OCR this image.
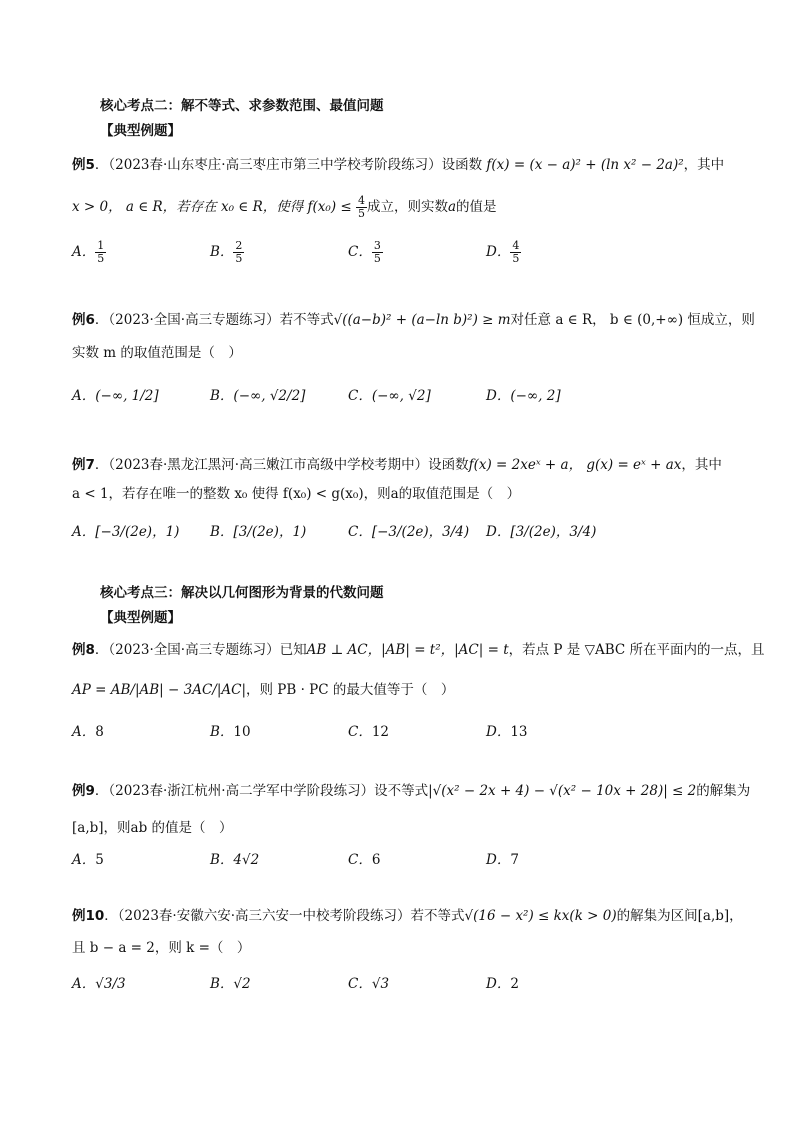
核心考点二：解不等式、求参数范围、最值问题
【典型例题】
例5．（2023春·山东枣庄·高三枣庄市第三中学校考阶段练习）设函数 f(x) = (x − a)² + (ln x² − 2a)²，其中
x > 0， a ∈ R，若存在 x₀ ∈ R，使得 $f(x_0) \le \frac{4}{5}$ 成立，则实数a的值是
A． $\frac{1}{5}$	B． $\frac{2}{5}$	C． $\frac{3}{5}$	D． $\frac{4}{5}$
例6．（2023·全国·高三专题练习）若不等式√((a−b)² + (a−ln b)²) ≥ m对任意 a ∈ R， b ∈ (0,+∞) 恒成立，则
实数 m 的取值范围是（　）
A．(−∞, 1/2]	B．(−∞, √2/2]	C．(−∞, √2]	D．(−∞, 2]
例7．（2023春·黑龙江黑河·高三嫩江市高级中学校考期中）设函数f(x) = 2xeˣ + a， g(x) = eˣ + ax，其中
a < 1，若存在唯一的整数 x₀ 使得 f(x₀) < g(x₀)，则a的取值范围是（　）
A．[−3/(2e)，1) B．[3/(2e)，1)	C．[−3/(2e)，3/4) D．[3/(2e)，3/4)
核心考点三：解决以几何图形为背景的代数问题
【典型例题】
例8．（2023·全国·高三专题练习）已知AB ⊥ AC，|AB| = t²，|AC| = t，若点 P 是 ▽ABC 所在平面内的一点，且
AP = AB/|AB| − 3AC/|AC|，则 PB · PC 的最大值等于（　）
A．8	B．10	C．12	D．13
例9．（2023春·浙江杭州·高二学军中学阶段练习）设不等式|√(x² − 2x + 4) − √(x² − 10x + 28)| ≤ 2的解集为
[a,b]，则ab 的值是（　）
A．5	B．4√2	C．6	D．7
例10．（2023春·安徽六安·高三六安一中校考阶段练习）若不等式√(16 − x²) ≤ kx(k > 0)的解集为区间[a,b]，
且 b − a = 2，则 k =（　）
A．√3/3	B．√2	C．√3	D．2
